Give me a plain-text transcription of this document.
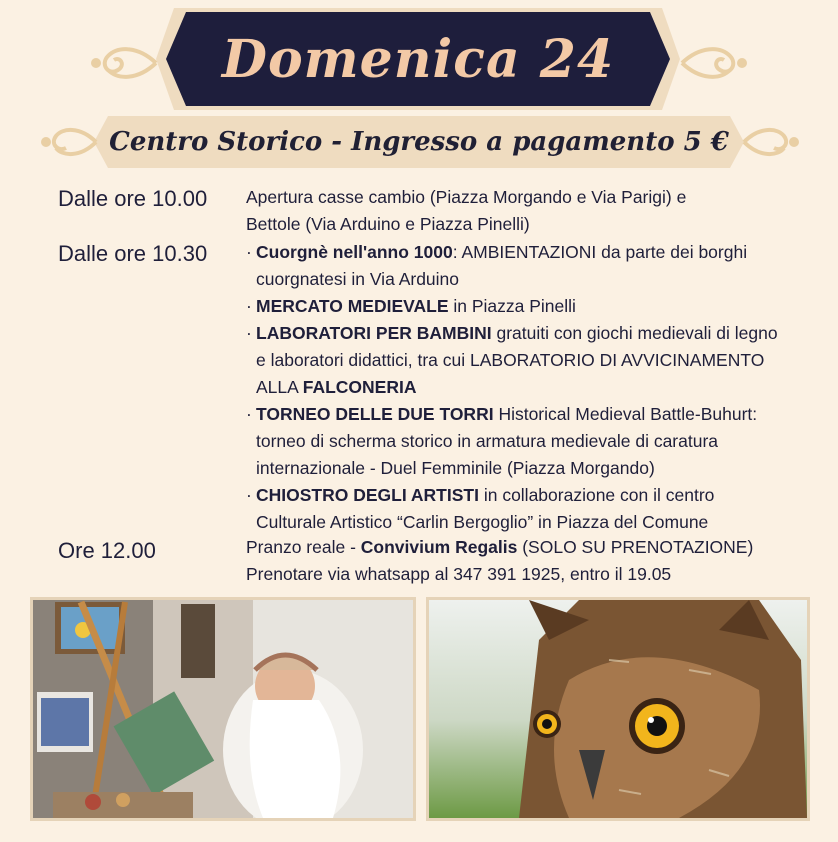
Domenica 24
Centro Storico - Ingresso a pagamento 5 €
Dalle ore 10.00 Apertura casse cambio (Piazza Morgando e Via Parigi) e

Bettole (Via Arduino e Piazza Pinelli)

Dalle ore 10.30 · Cuorgnè nell'anno 1000: AMBIENTAZIONI da parte dei borghi cuorgnatesi in Via Arduino
· MERCATO MEDIEVALE in Piazza Pinelli
· LABORATORI PER BAMBINI gratuiti con giochi medievali di legno e laboratori didattici, tra cui LABORATORIO DI AVVICINAMENTO ALLA FALCONERIA
· TORNEO DELLE DUE TORRI Historical Medieval Battle-Buhurt: torneo di scherma storico in armatura medievale di caratura internazionale - Duel Femminile (Piazza Morgando)
· CHIOSTRO DEGLI ARTISTI in collaborazione con il centro Culturale Artistico “Carlin Bergoglio” in Piazza del Comune
Ore 12.00	Pranzo reale - Convivium Regalis (SOLO SU PRENOTAZIONE)

Prenotare via whatsapp al 347 391 1925, entro il 19.05
